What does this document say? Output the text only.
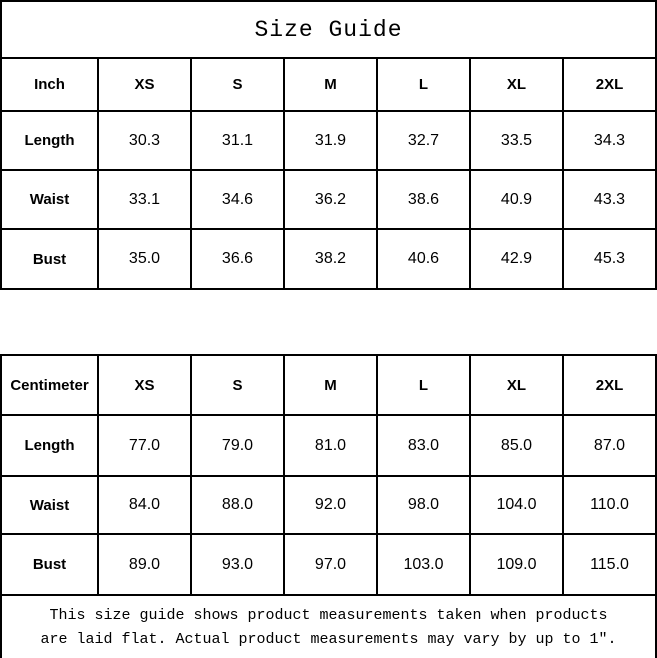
Size Guide
Inch	XS	S	M	L	XL	2XL
Length	30.3	31.1	31.9	32.7	33.5	34.3
Waist	33.1	34.6	36.2	38.6	40.9	43.3
Bust	35.0	36.6	38.2	40.6	42.9	45.3
Centimeter	XS	S	M	L	XL	2XL
Length	77.0	79.0	81.0	83.0	85.0	87.0
Waist	84.0	88.0	92.0	98.0	104.0	110.0
Bust	89.0	93.0	97.0	103.0	109.0	115.0
This size guide shows product measurements taken when products
are laid flat. Actual product measurements may vary by up to 1″.
